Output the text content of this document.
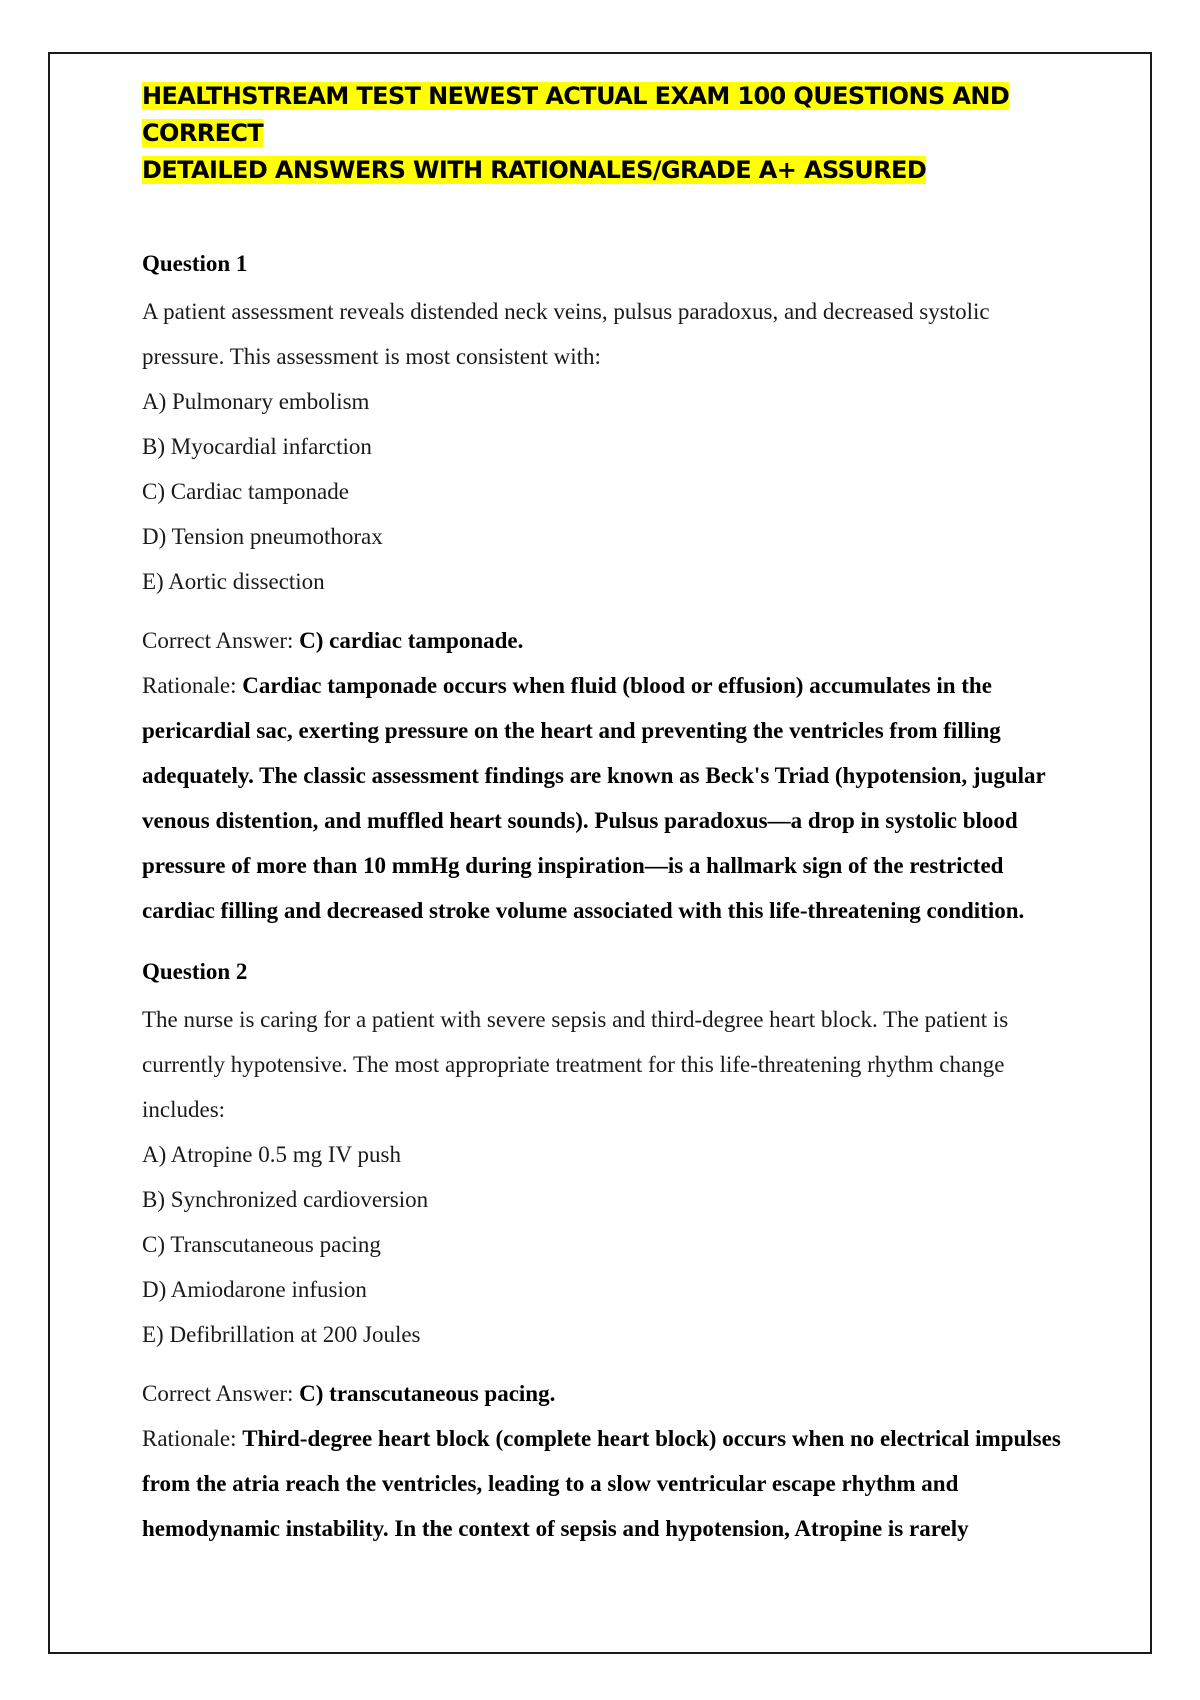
HEALTHSTREAM TEST NEWEST ACTUAL EXAM 100 QUESTIONS AND CORRECT
DETAILED ANSWERS WITH RATIONALES/GRADE A+ ASSURED
Question 1
A patient assessment reveals distended neck veins, pulsus paradoxus, and decreased systolic pressure. This assessment is most consistent with:
A) Pulmonary embolism
B) Myocardial infarction
C) Cardiac tamponade
D) Tension pneumothorax
E) Aortic dissection
Correct Answer: C) cardiac tamponade.
Rationale: Cardiac tamponade occurs when fluid (blood or effusion) accumulates in the pericardial sac, exerting pressure on the heart and preventing the ventricles from filling adequately. The classic assessment findings are known as Beck's Triad (hypotension, jugular venous distention, and muffled heart sounds). Pulsus paradoxus—a drop in systolic blood pressure of more than 10 mmHg during inspiration—is a hallmark sign of the restricted cardiac filling and decreased stroke volume associated with this life-threatening condition.
Question 2
The nurse is caring for a patient with severe sepsis and third-degree heart block. The patient is currently hypotensive. The most appropriate treatment for this life-threatening rhythm change includes:
A) Atropine 0.5 mg IV push
B) Synchronized cardioversion
C) Transcutaneous pacing
D) Amiodarone infusion
E) Defibrillation at 200 Joules
Correct Answer: C) transcutaneous pacing.
Rationale: Third-degree heart block (complete heart block) occurs when no electrical impulses from the atria reach the ventricles, leading to a slow ventricular escape rhythm and hemodynamic instability. In the context of sepsis and hypotension, Atropine is rarely
